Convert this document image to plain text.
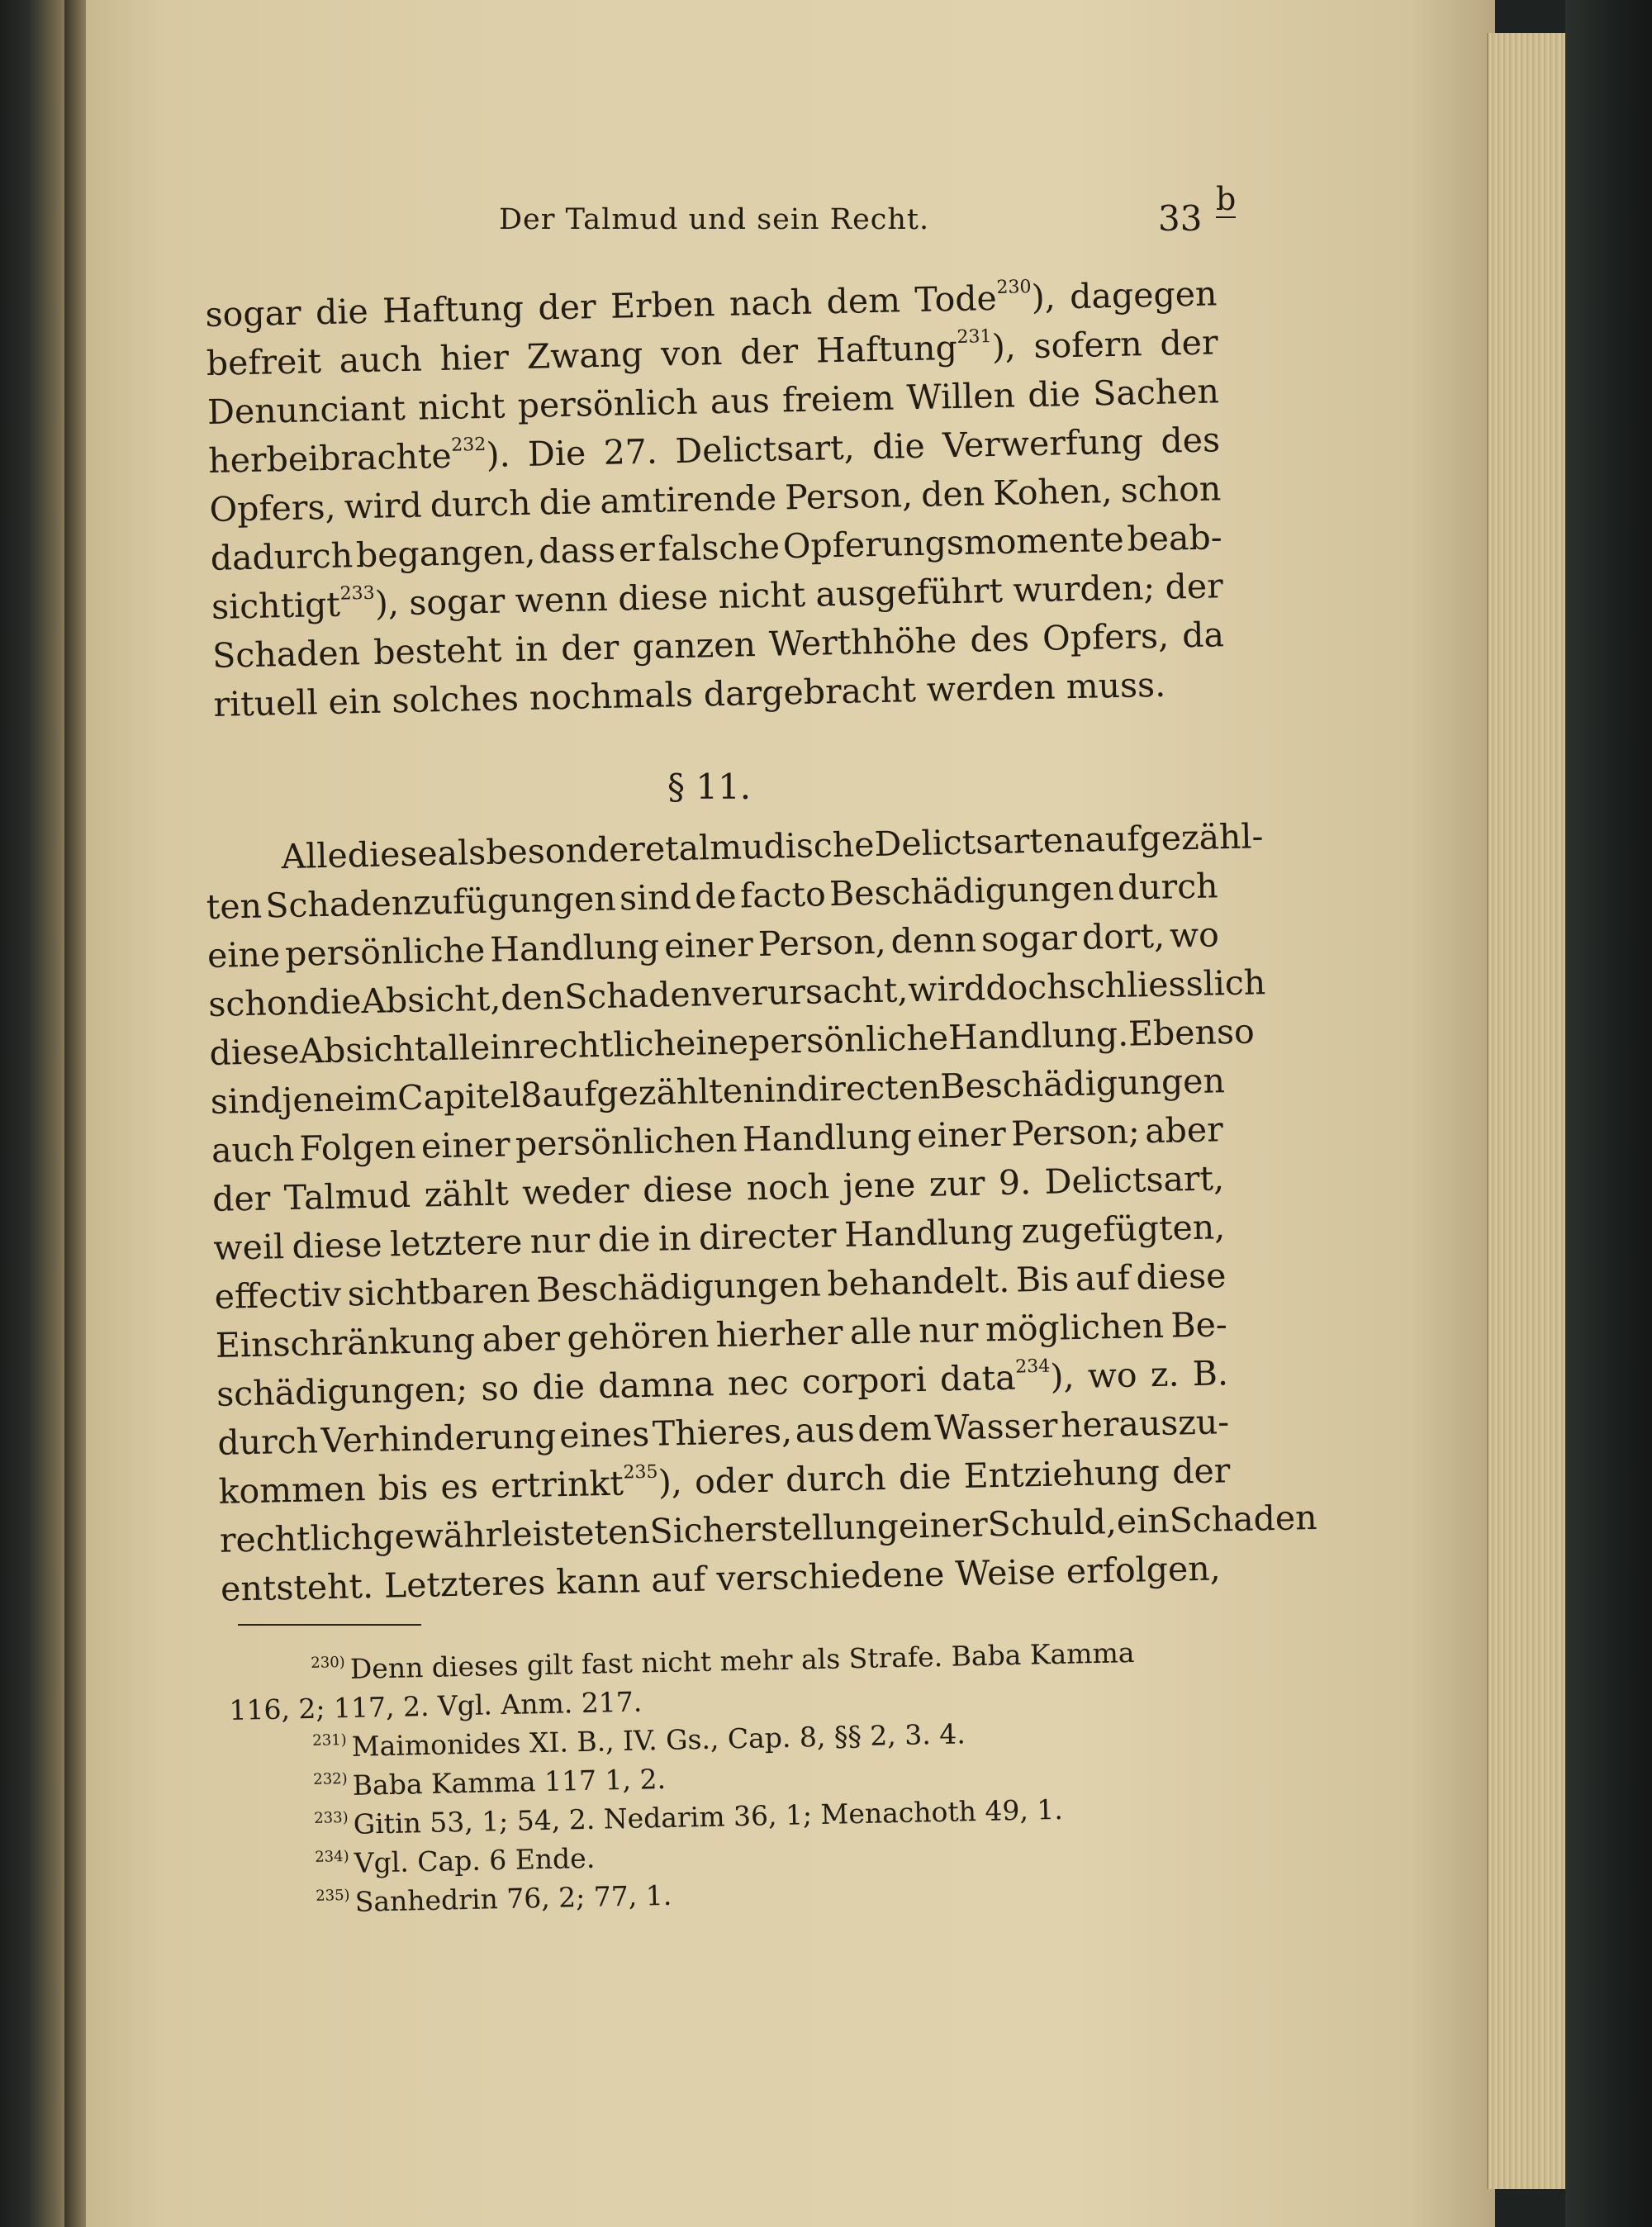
Der Talmud und sein Recht.	33 b
sogar die Haftung der Erben nach dem Tode$^{230}$), dagegen
befreit auch hier Zwang von der Haftung$^{231}$), sofern der
Denunciant nicht persönlich aus freiem Willen die Sachen
herbeibrachte$^{232}$). Die 27. Delictsart, die Verwerfung des
Opfers, wird durch die amtirende Person, den Kohen, schon
dadurch begangen, dass er falsche Opferungsmomente beab-
sichtigt$^{233}$), sogar wenn diese nicht ausgeführt wurden; der
Schaden besteht in der ganzen Werthhöhe des Opfers, da
rituell
ein
solches
nochmals
dargebracht
werden
muss.

§ 11.
Alle
diese
als
besondere
talmudische
Delictsarten
aufgezähl-
ten Schadenzufügungen sind de facto Beschädigungen durch
eine persönliche Handlung einer Person, denn sogar dort, wo
schon
die
Absicht,
den
Schaden
verursacht,
wird
doch
schliesslich
diese
Absicht
allein
rechtlich
eine
persönliche
Handlung.
Ebenso
sind
jene
im
Capitel
8
aufgezählten
indirecten
Beschädigungen
auch Folgen einer persönlichen Handlung einer Person; aber
der Talmud zählt weder diese noch jene zur 9. Delictsart,
weil diese letztere nur die in directer Handlung zugefügten,
effectiv sichtbaren Beschädigungen behandelt. Bis auf diese
Einschränkung aber gehören hierher alle nur möglichen Be-
schädigungen; so die damna nec corpori data$^{234}$), wo z. B.
durch Verhinderung eines Thieres, aus dem Wasser herauszu-
kommen bis es ertrinkt$^{235}$), oder durch die Entziehung der
rechtlich
gewährleisteten
Sicherstellung
einer
Schuld,
ein
Schaden
entsteht.
Letzteres
kann
auf
verschiedene
Weise
erfolgen,

$^{230)}$ Denn dieses gilt fast nicht mehr als Strafe. Baba Kamma
116, 2; 117, 2. Vgl. Anm. 217.
$^{231)}$ Maimonides XI. B., IV. Gs., Cap. 8, §§ 2, 3. 4.
$^{232)}$ Baba Kamma 117 1, 2.
$^{233)}$ Gitin 53, 1; 54, 2. Nedarim 36, 1; Menachoth 49, 1.
$^{234)}$ Vgl. Cap. 6 Ende.
$^{235)}$ Sanhedrin 76, 2; 77, 1.
